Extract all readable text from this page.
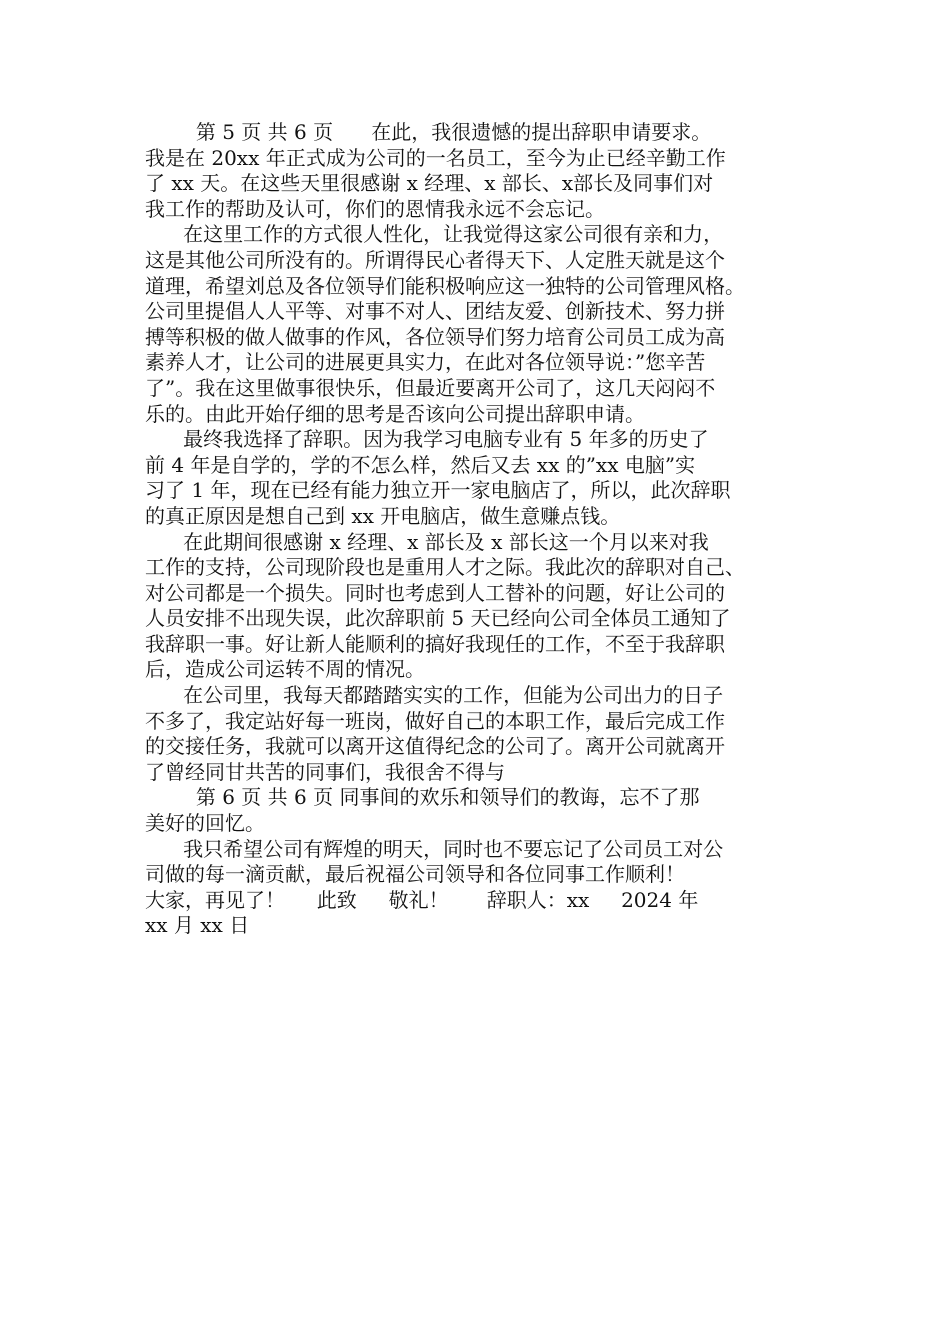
第 5 页 共 6 页      在此，我很遗憾的提出辞职申请要求。
我是在 20xx 年正式成为公司的一名员工，至今为止已经辛勤工作
了 xx 天。在这些天里很感谢 x 经理、x 部长、x部长及同事们对
我工作的帮助及认可，你们的恩情我永远不会忘记。
在这里工作的方式很人性化，让我觉得这家公司很有亲和力，
这是其他公司所没有的。所谓得民心者得天下、人定胜天就是这个
道理，希望刘总及各位领导们能积极响应这一独特的公司管理风格。
公司里提倡人人平等、对事不对人、团结友爱、创新技术、努力拼
搏等积极的做人做事的作风，各位领导们努力培育公司员工成为高
素养人才，让公司的进展更具实力，在此对各位领导说：”您辛苦
了”。我在这里做事很快乐，但最近要离开公司了，这几天闷闷不
乐的。由此开始仔细的思考是否该向公司提出辞职申请。
最终我选择了辞职。因为我学习电脑专业有 5 年多的历史了
前 4 年是自学的，学的不怎么样，然后又去 xx 的”xx 电脑”实
习了 1 年，现在已经有能力独立开一家电脑店了，所以，此次辞职
的真正原因是想自己到 xx 开电脑店，做生意赚点钱。
在此期间很感谢 x 经理、x 部长及 x 部长这一个月以来对我
工作的支持，公司现阶段也是重用人才之际。我此次的辞职对自己、
对公司都是一个损失。同时也考虑到人工替补的问题，好让公司的
人员安排不出现失误，此次辞职前 5 天已经向公司全体员工通知了
我辞职一事。好让新人能顺利的搞好我现任的工作，不至于我辞职
后，造成公司运转不周的情况。
在公司里，我每天都踏踏实实的工作，但能为公司出力的日子
不多了，我定站好每一班岗，做好自己的本职工作，最后完成工作
的交接任务，我就可以离开这值得纪念的公司了。离开公司就离开
了曾经同甘共苦的同事们，我很舍不得与
第 6 页 共 6 页 同事间的欢乐和领导们的教诲，忘不了那
美好的回忆。
我只希望公司有辉煌的明天，同时也不要忘记了公司员工对公
司做的每一滴贡献，最后祝福公司领导和各位同事工作顺利！
大家，再见了！     此致     敬礼！      辞职人：xx     2024 年
xx 月 xx 日
